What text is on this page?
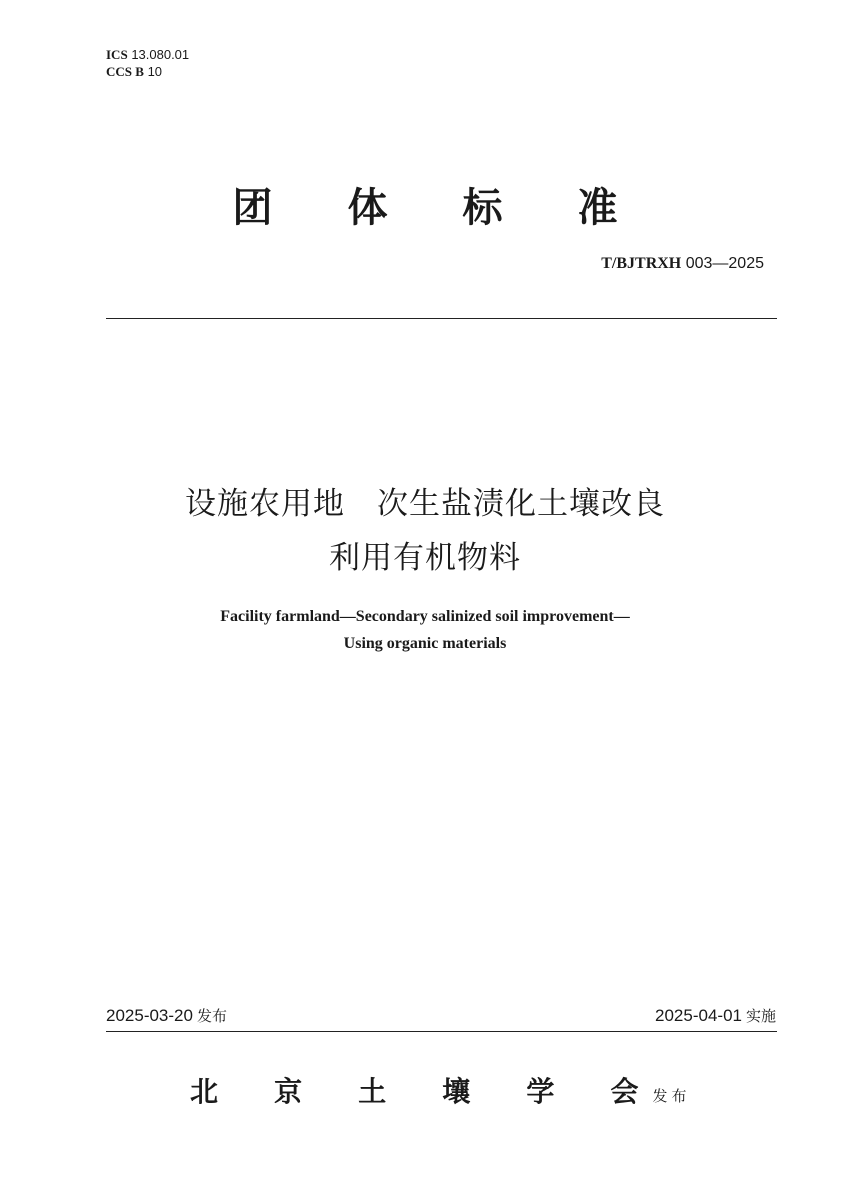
ICS 13.080.01
CCS B 10
团 体 标 准
T/BJTRXH 003—2025
设施农用地　次生盐渍化土壤改良
利用有机物料
Facility farmland—Secondary salinized soil improvement—
Using organic materials
2025-03-20 发布	2025-04-01 实施
北 京 土 壤 学 会 发布
